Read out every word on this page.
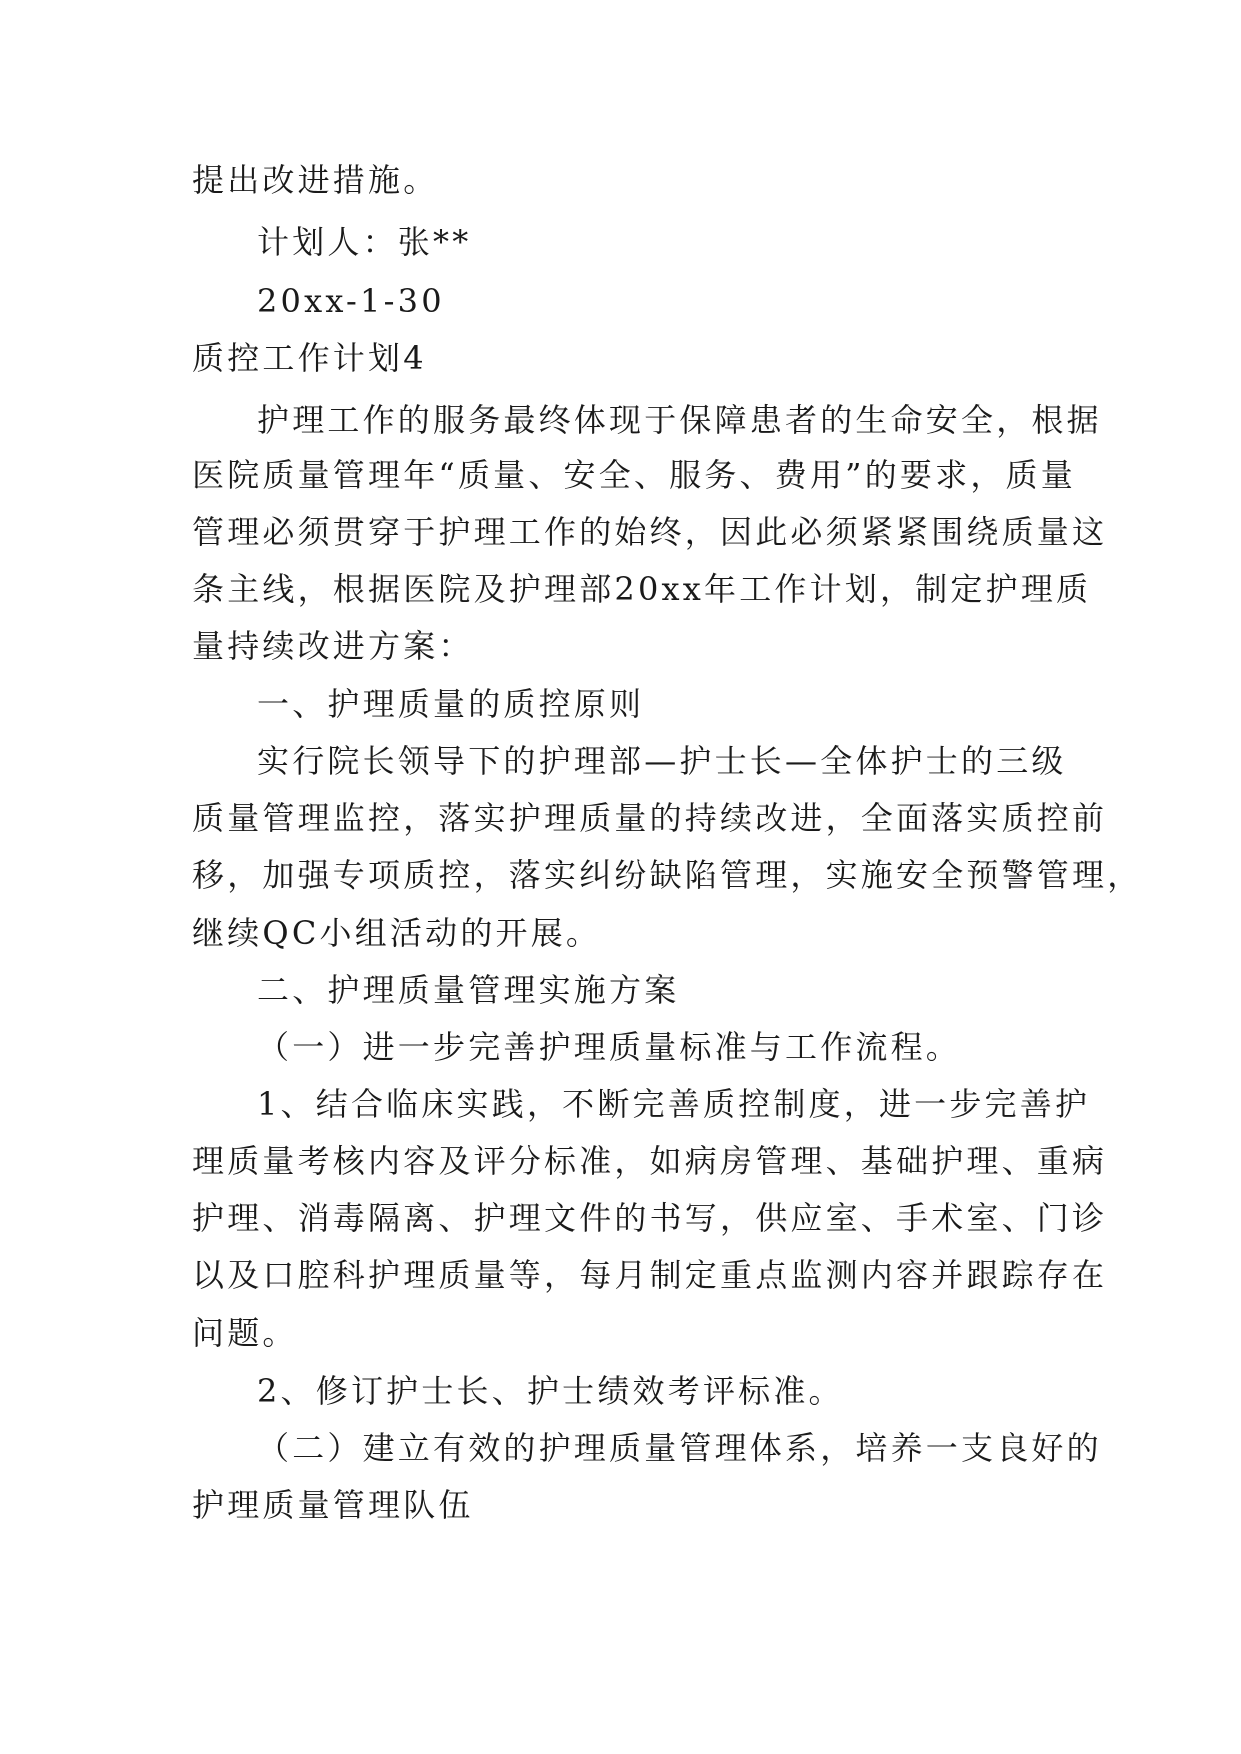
提出改进措施。
计划人：张**
20xx-1-30
质控工作计划4
护理工作的服务最终体现于保障患者的生命安全，根据
医院质量管理年“质量、安全、服务、费用”的要求，质量
管理必须贯穿于护理工作的始终，因此必须紧紧围绕质量这
条主线，根据医院及护理部20xx年工作计划，制定护理质
量持续改进方案：
一、护理质量的质控原则
实行院长领导下的护理部—护士长—全体护士的三级
质量管理监控，落实护理质量的持续改进，全面落实质控前
移，加强专项质控，落实纠纷缺陷管理，实施安全预警管理，
继续QC小组活动的开展。
二、护理质量管理实施方案
（一）进一步完善护理质量标准与工作流程。
1、结合临床实践，不断完善质控制度，进一步完善护
理质量考核内容及评分标准，如病房管理、基础护理、重病
护理、消毒隔离、护理文件的书写，供应室、手术室、门诊
以及口腔科护理质量等，每月制定重点监测内容并跟踪存在
问题。
2、修订护士长、护士绩效考评标准。
（二）建立有效的护理质量管理体系，培养一支良好的
护理质量管理队伍
